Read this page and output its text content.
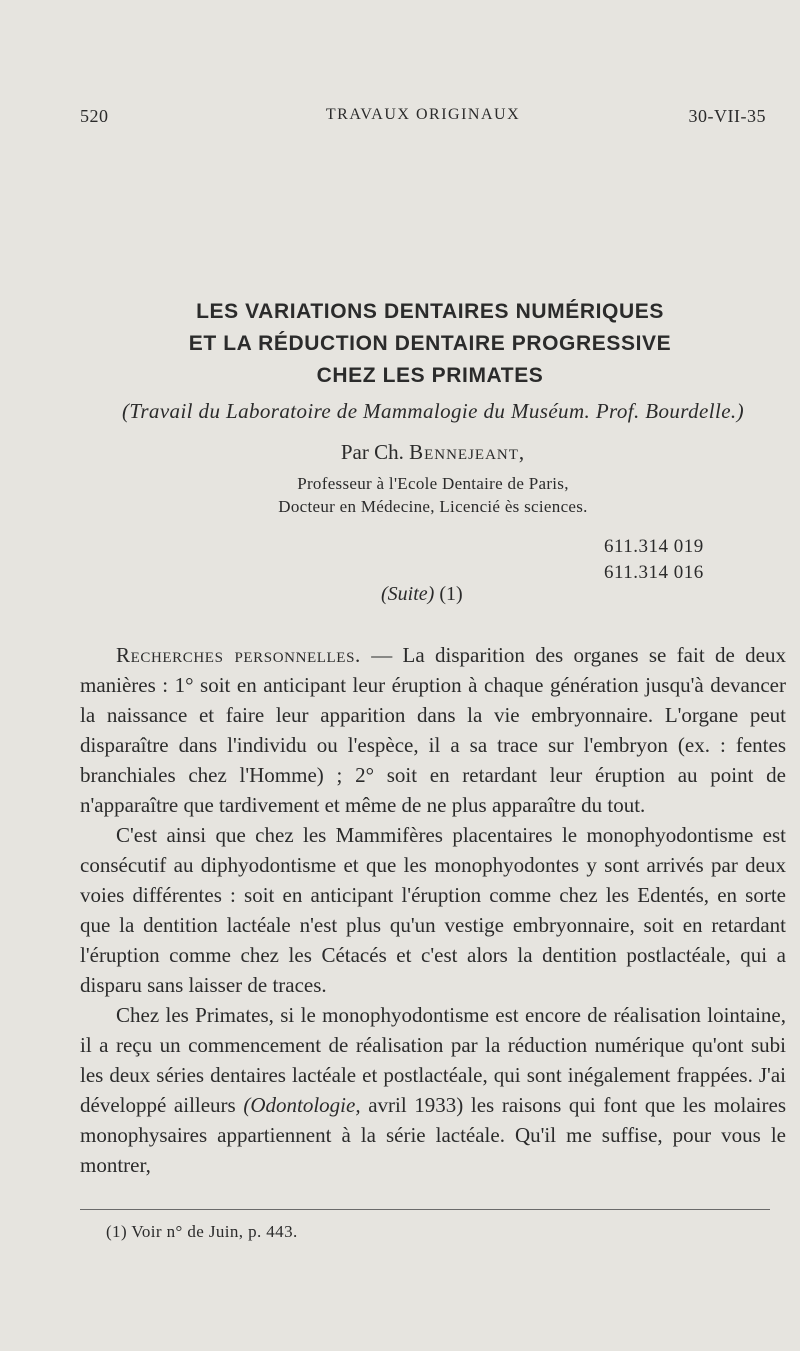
520	TRAVAUX ORIGINAUX	30-VII-35
LES VARIATIONS DENTAIRES NUMÉRIQUES
ET LA RÉDUCTION DENTAIRE PROGRESSIVE
CHEZ LES PRIMATES
(Travail du Laboratoire de Mammalogie du Muséum. Prof. Bourdelle.)
Par Ch. Bennejeant,
Professeur à l'Ecole Dentaire de Paris,
Docteur en Médecine, Licencié ès sciences.
611.314 019
611.314 016
(Suite) (1)

Recherches personnelles. — La disparition des organes se fait de deux manières : 1° soit en anticipant leur éruption à chaque génération jusqu'à devancer la naissance et faire leur apparition dans la vie embryonnaire. L'organe peut disparaître dans l'individu ou l'espèce, il a sa trace sur l'embryon (ex. : fentes branchiales chez l'Homme) ; 2° soit en retardant leur éruption au point de n'apparaître que tardivement et même de ne plus apparaître du tout.

C'est ainsi que chez les Mammifères placentaires le monophyodontisme est consécutif au diphyodontisme et que les monophyodontes y sont arrivés par deux voies différentes : soit en anticipant l'éruption comme chez les Edentés, en sorte que la dentition lactéale n'est plus qu'un vestige embryonnaire, soit en retardant l'éruption comme chez les Cétacés et c'est alors la dentition postlactéale, qui a disparu sans laisser de traces.

Chez les Primates, si le monophyodontisme est encore de réalisation lointaine, il a reçu un commencement de réalisation par la réduction numérique qu'ont subi les deux séries dentaires lactéale et postlactéale, qui sont inégalement frappées. J'ai développé ailleurs (Odontologie, avril 1933) les raisons qui font que les molaires monophysaires appartiennent à la série lactéale. Qu'il me suffise, pour vous le montrer,

(1) Voir n° de Juin, p. 443.
